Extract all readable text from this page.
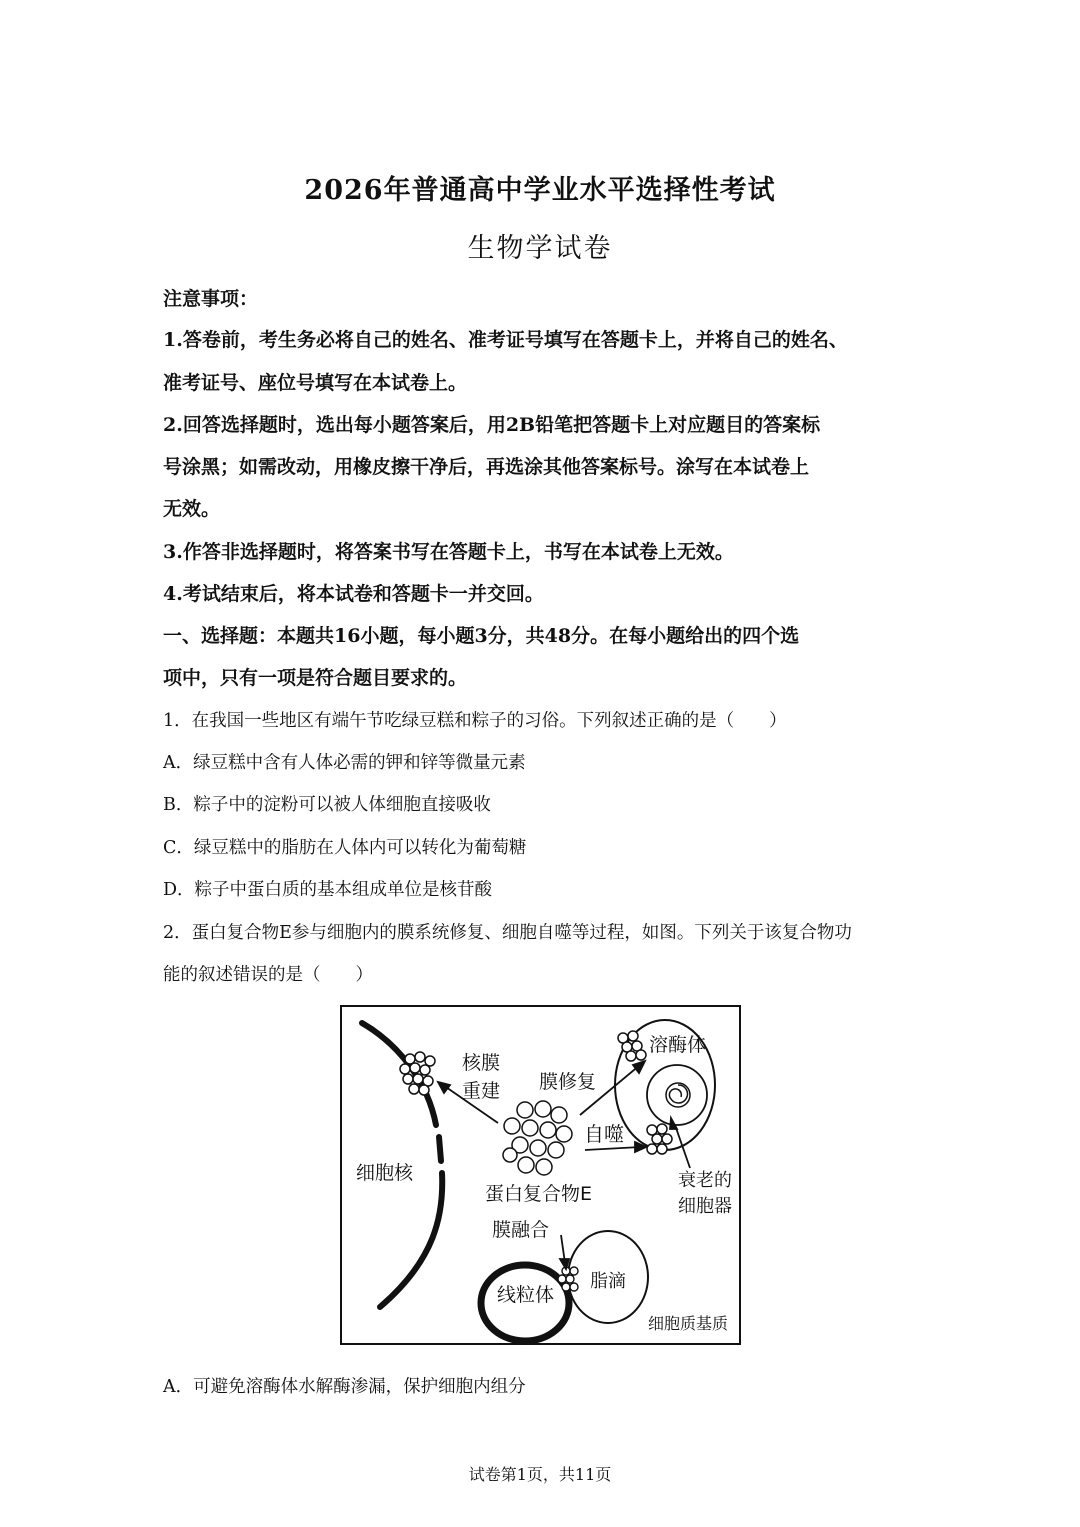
2026年普通高中学业水平选择性考试
生物学试卷
注意事项：
1.答卷前，考生务必将自己的姓名、准考证号填写在答题卡上，并将自己的姓名、
准考证号、座位号填写在本试卷上。
2.回答选择题时，选出每小题答案后，用2B铅笔把答题卡上对应题目的答案标
号涂黑；如需改动，用橡皮擦干净后，再选涂其他答案标号。涂写在本试卷上
无效。
3.作答非选择题时，将答案书写在答题卡上，书写在本试卷上无效。
4.考试结束后，将本试卷和答题卡一并交回。
一、选择题：本题共16小题，每小题3分，共48分。在每小题给出的四个选
项中，只有一项是符合题目要求的。
1．在我国一些地区有端午节吃绿豆糕和粽子的习俗。下列叙述正确的是（　　）
A．绿豆糕中含有人体必需的钾和锌等微量元素
B．粽子中的淀粉可以被人体细胞直接吸收
C．绿豆糕中的脂肪在人体内可以转化为葡萄糖
D．粽子中蛋白质的基本组成单位是核苷酸
2．蛋白复合物E参与细胞内的膜系统修复、细胞自噬等过程，如图。下列关于该复合物功
能的叙述错误的是（　　）
核膜
重建 膜修复
溶酶体
自噬
细胞核
蛋白复合物E
衰老的
细胞器
膜融合
线粒体
脂滴
细胞质基质
A．可避免溶酶体水解酶渗漏，保护细胞内组分
试卷第1页，共11页
